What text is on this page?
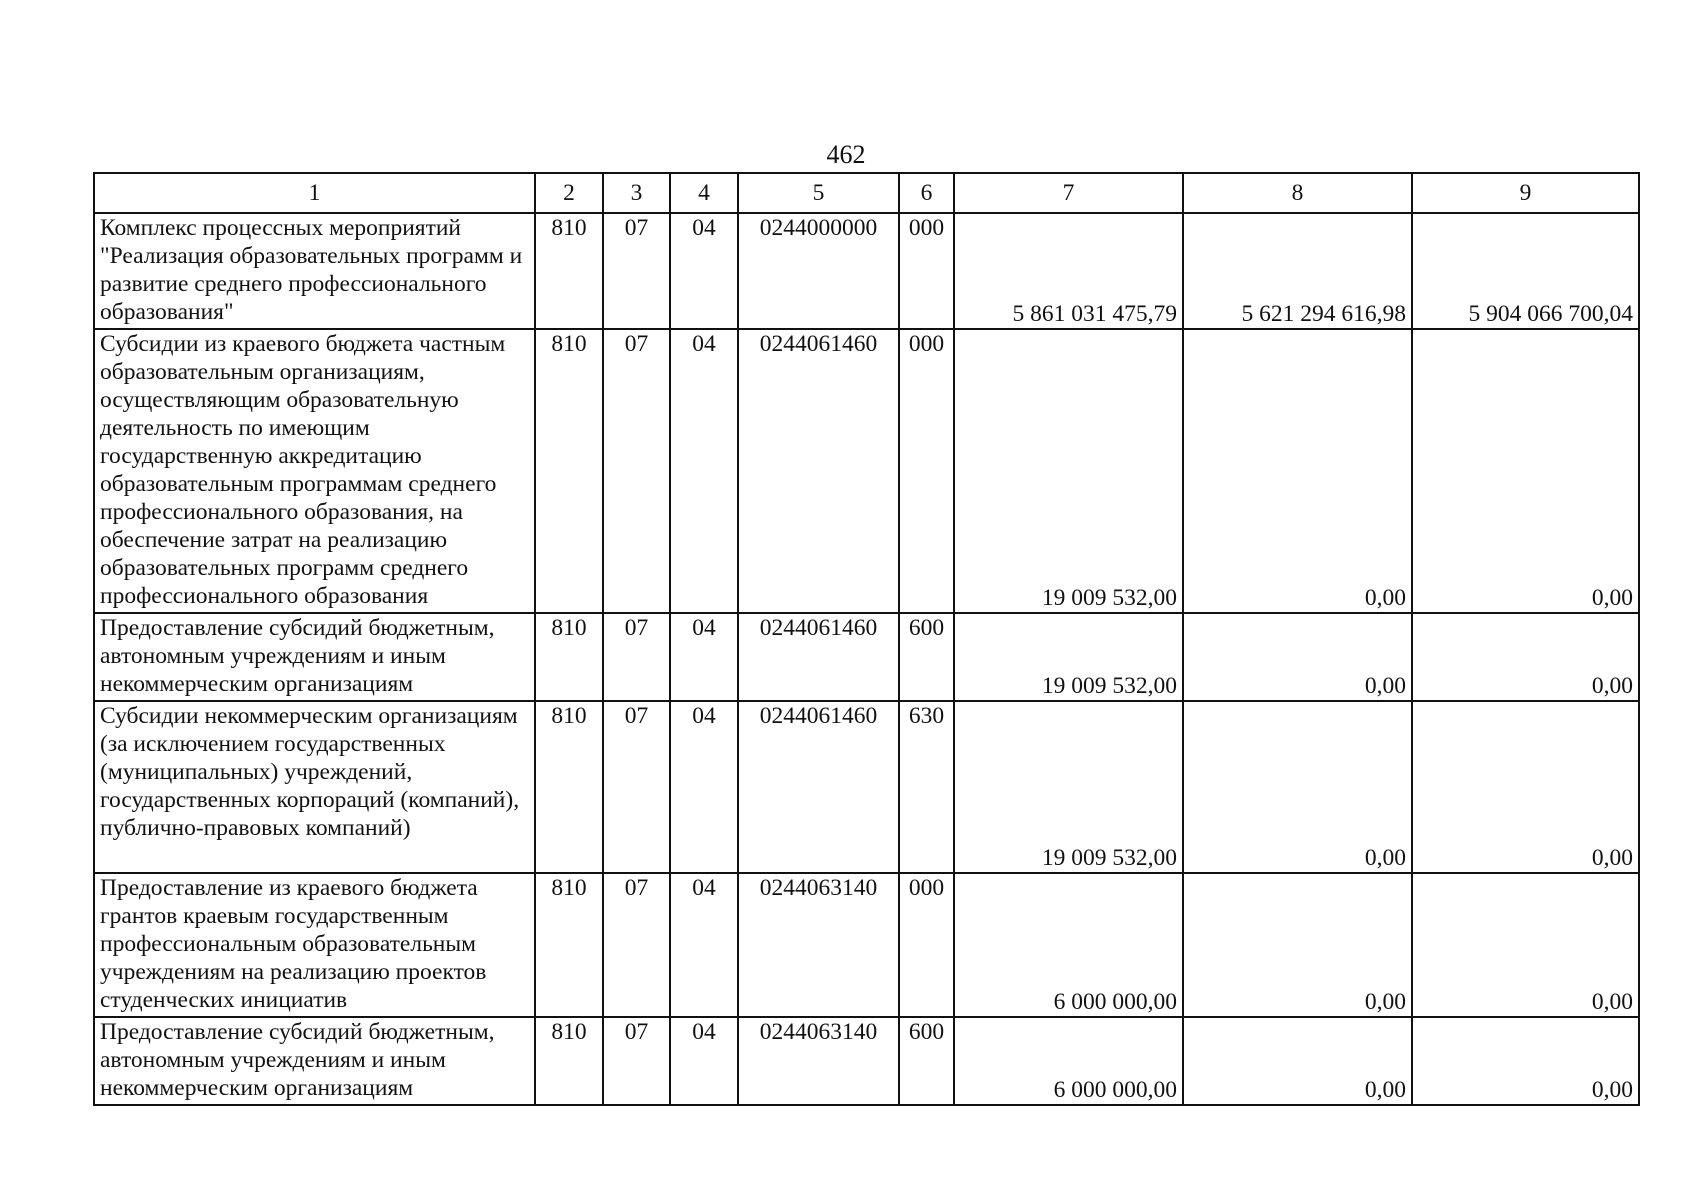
462
1	2	3	4	5	6	7	8	9
Комплекс процессных мероприятий "Реализация образовательных программ и развитие среднего профессионального образования"	810	07	04	0244000000	000	5 861 031 475,79	5 621 294 616,98	5 904 066 700,04
Субсидии из краевого бюджета частным образовательным организациям, осуществляющим образовательную деятельность по имеющим государственную аккредитацию образовательным программам среднего профессионального образования, на обеспечение затрат на реализацию образовательных программ среднего профессионального образования	810	07	04	0244061460	000	19 009 532,00	0,00	0,00
Предоставление субсидий бюджетным, автономным учреждениям и иным некоммерческим организациям	810	07	04	0244061460	600	19 009 532,00	0,00	0,00
Субсидии некоммерческим организациям (за исключением государственных (муниципальных) учреждений, государственных корпораций (компаний), публично-правовых компаний)	810	07	04	0244061460	630	19 009 532,00	0,00	0,00
Предоставление из краевого бюджета грантов краевым государственным профессиональным образовательным учреждениям на реализацию проектов студенческих инициатив	810	07	04	0244063140	000	6 000 000,00	0,00	0,00
Предоставление субсидий бюджетным, автономным учреждениям и иным некоммерческим организациям	810	07	04	0244063140	600	6 000 000,00	0,00	0,00
